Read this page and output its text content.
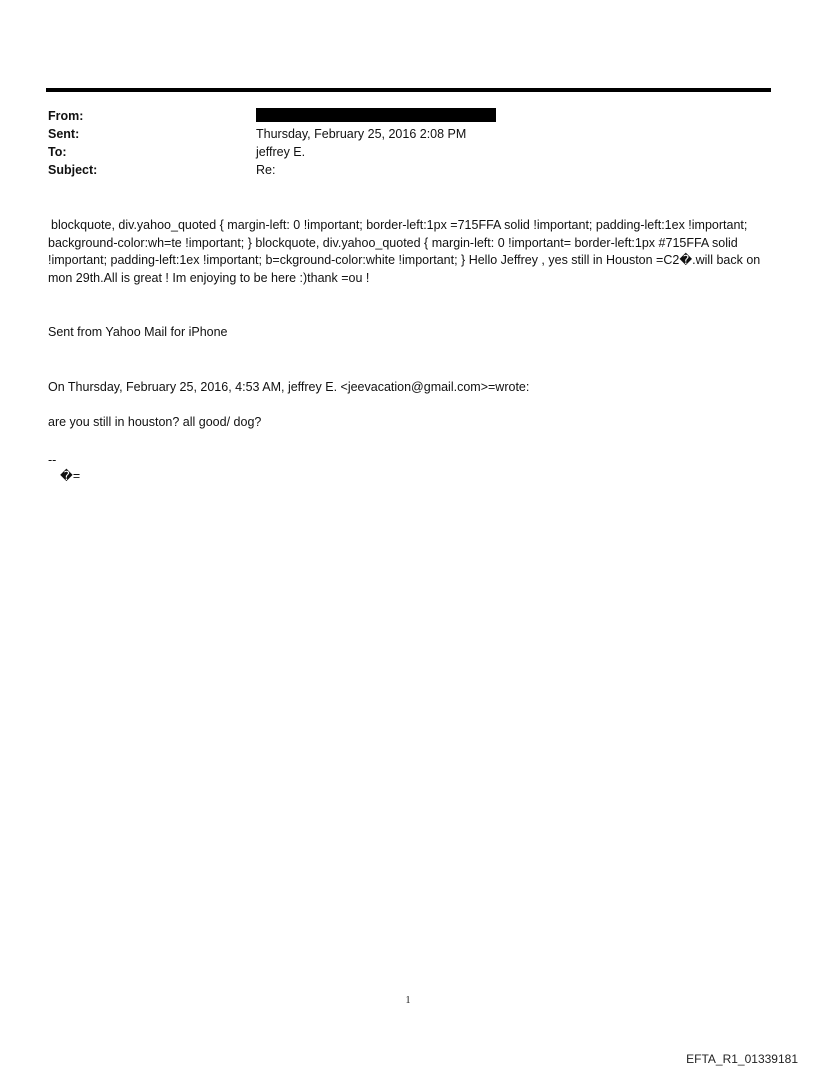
From:
Sent:	Thursday, February 25, 2016 2:08 PM
To:	jeffrey E.
Subject:	Re:
blockquote, div.yahoo_quoted { margin-left: 0 !important; border-left:1px =715FFA solid !important; padding-left:1ex !important; background-color:wh=te !important; } blockquote, div.yahoo_quoted { margin-left: 0 !important= border-left:1px #715FFA solid !important; padding-left:1ex !important; b=ckground-color:white !important; } Hello Jeffrey , yes still in Houston =C2�.will back on mon 29th.All is great ! Im enjoying to be here :)thank =ou !
Sent from Yahoo Mail for iPhone
On Thursday, February 25, 2016, 4:53 AM, jeffrey E. <jeevacation@gmail.com>=wrote:
are you still in houston? all good/ dog?
--
�=
1
EFTA_R1_01339181
